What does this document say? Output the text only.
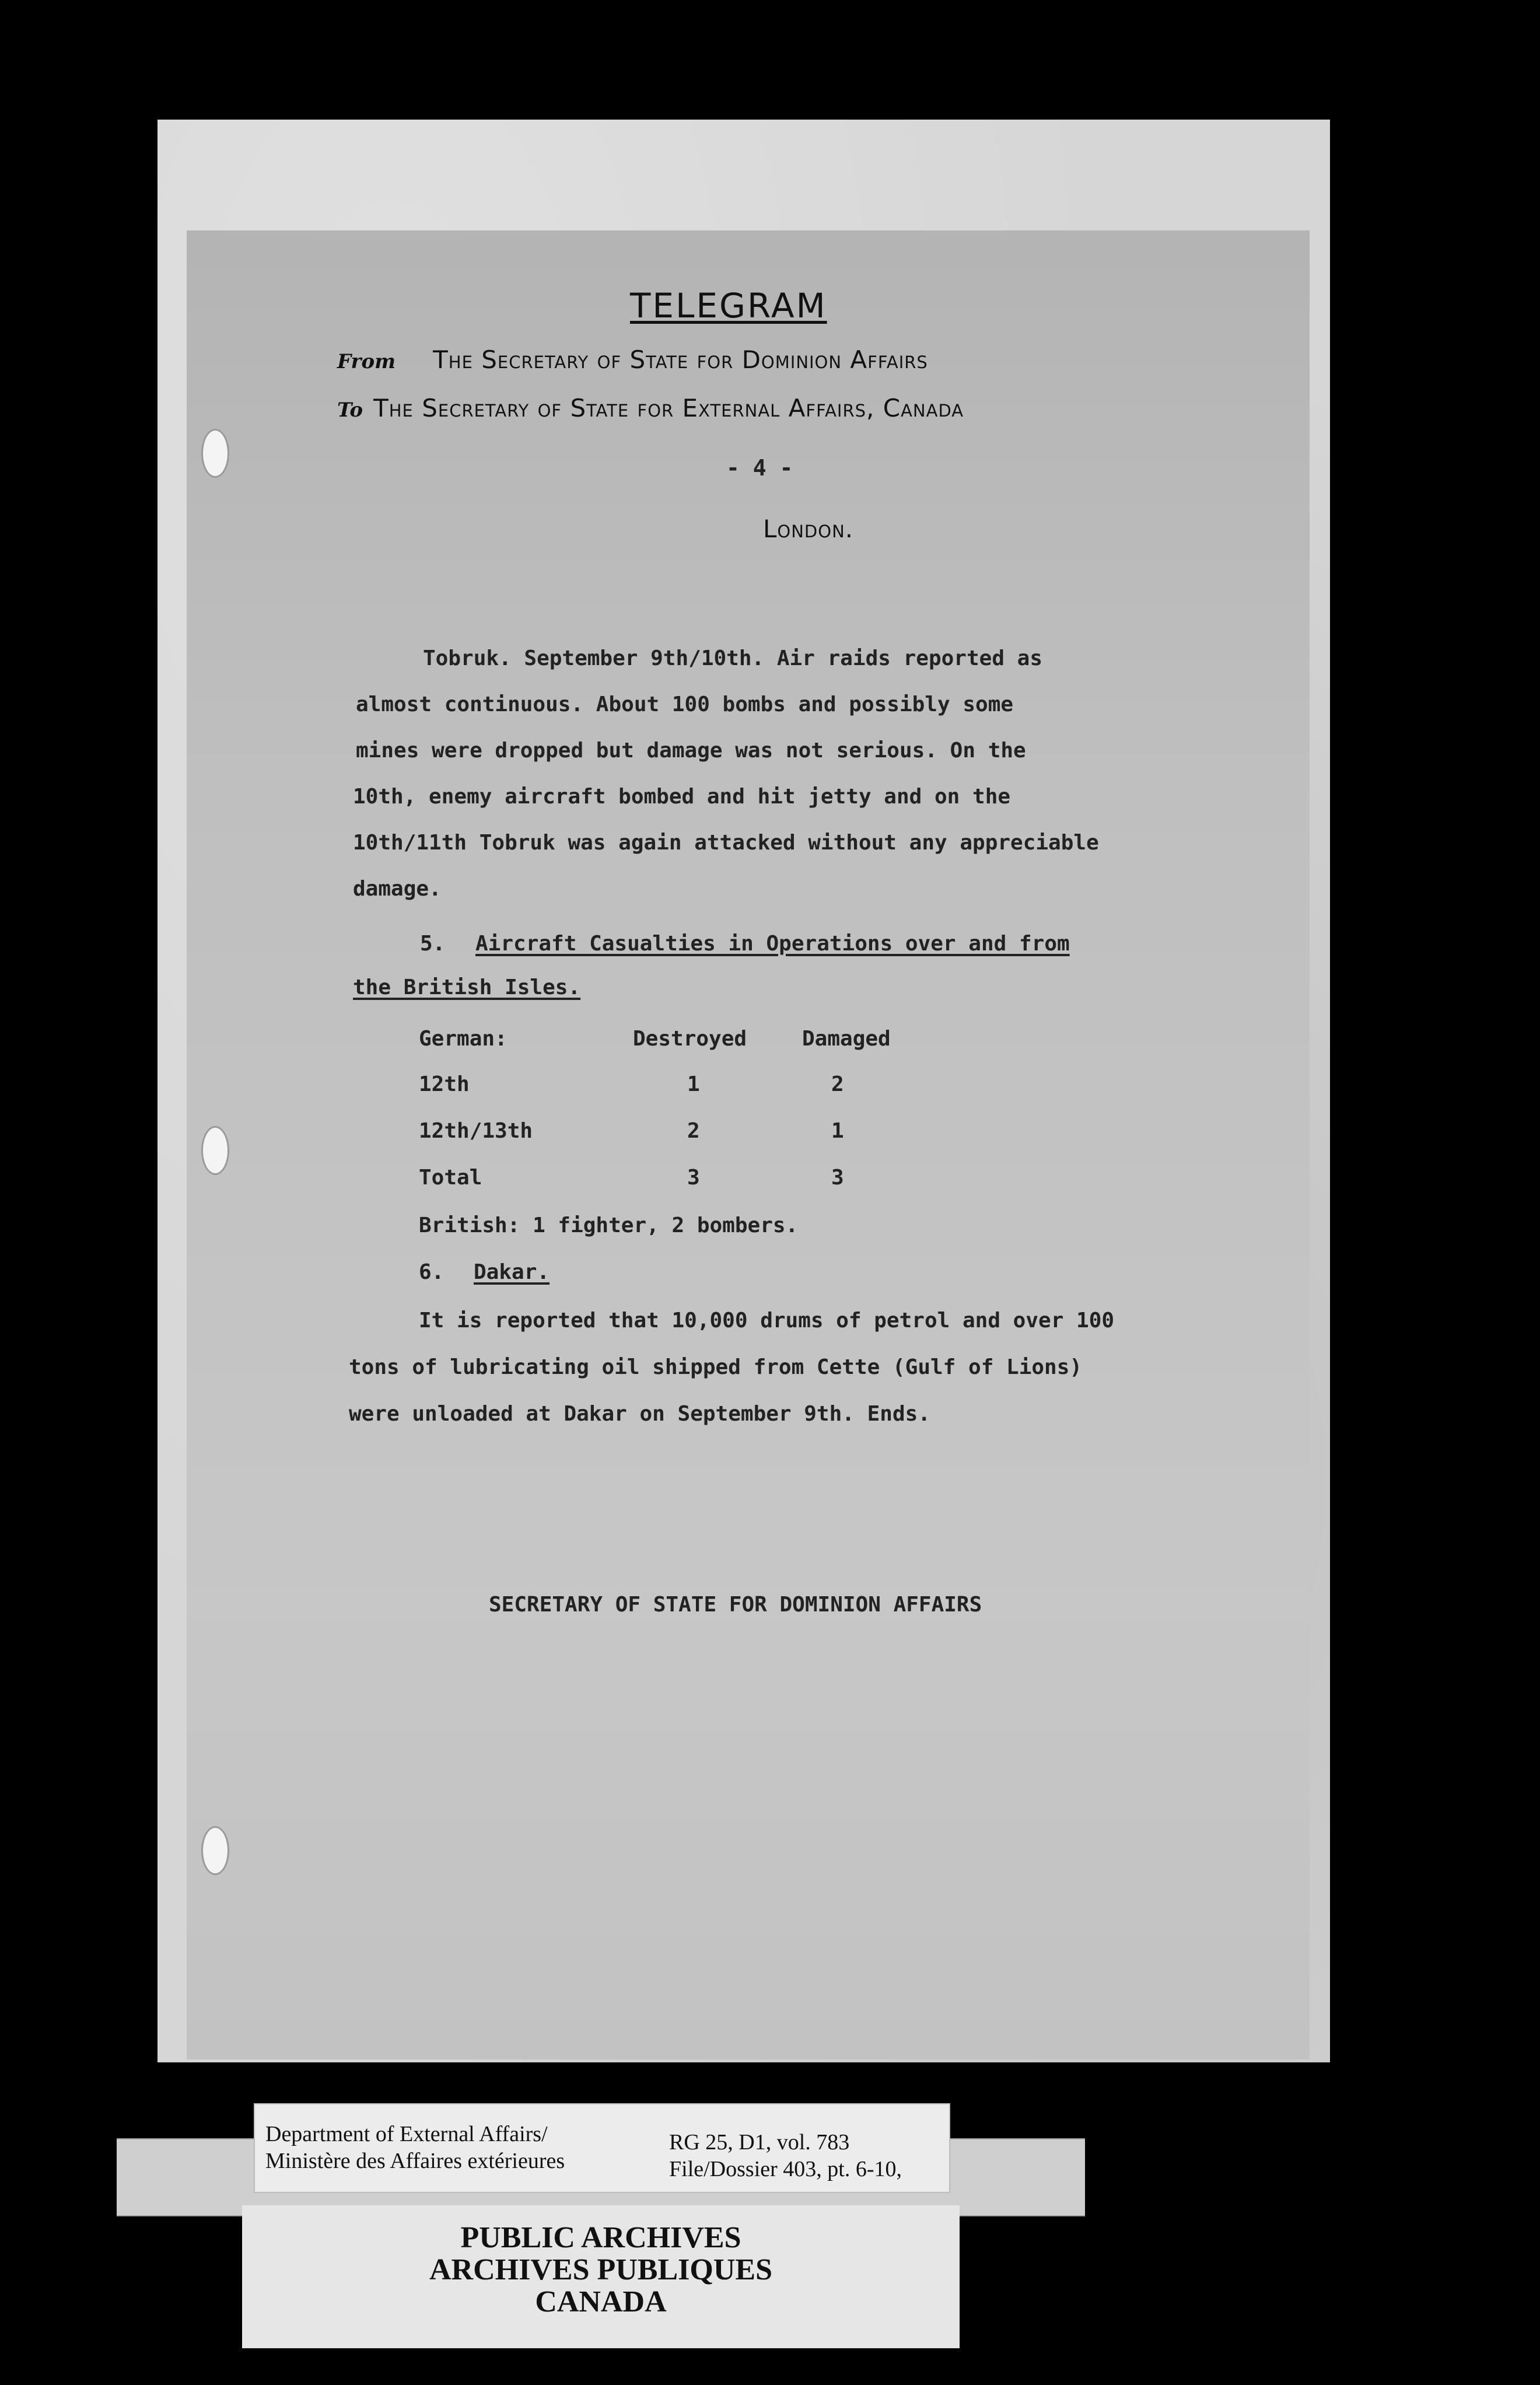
TELEGRAM
From The Secretary of State for Dominion Affairs
To The Secretary of State for External Affairs, Canada
- 4 -
London.
Tobruk. September 9th/10th. Air raids reported as
almost continuous. About 100 bombs and possibly some
mines were dropped but damage was not serious. On the
10th, enemy aircraft bombed and hit jetty and on the
10th/11th Tobruk was again attacked without any appreciable
damage.
5. Aircraft Casualties in Operations over and from
the British Isles.
German:	Destroyed	Damaged
12th	1	2
12th/13th	2	1
Total	3	3
British: 1 fighter, 2 bombers.
6. Dakar.
It is reported that 10,000 drums of petrol and over 100
tons of lubricating oil shipped from Cette (Gulf of Lions)
were unloaded at Dakar on September 9th. Ends.
SECRETARY OF STATE FOR DOMINION AFFAIRS
Department of External Affairs/
Ministère des Affaires extérieures
RG 25, D1, vol. 783
File/Dossier 403, pt. 6-10,
PUBLIC ARCHIVES
ARCHIVES PUBLIQUES
CANADA
